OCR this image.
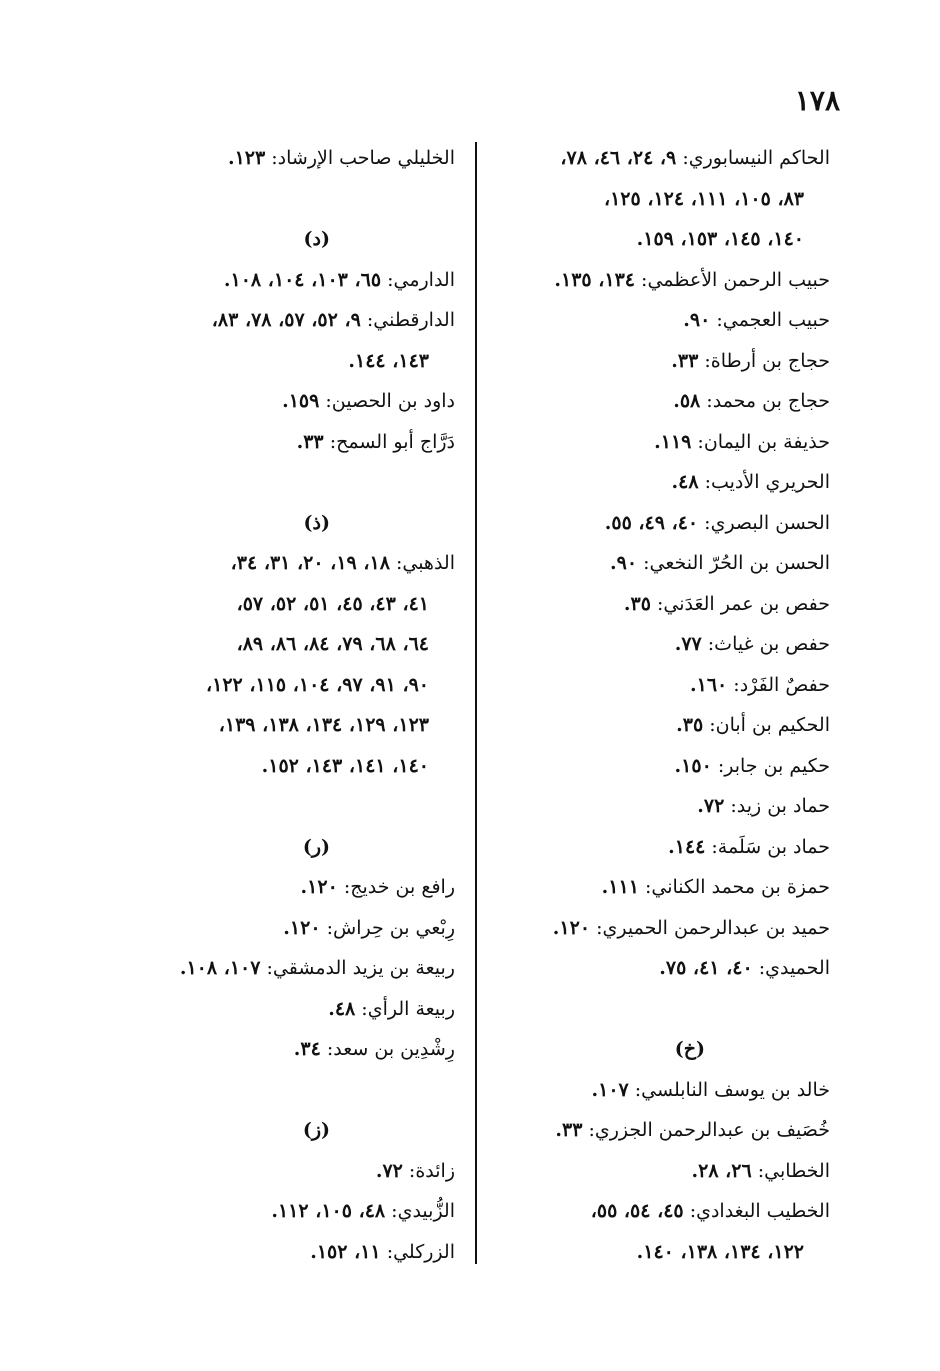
١٧٨
الحاكم النيسابوري: ٩، ٢٤، ٤٦، ٧٨،
٨٣، ١٠٥، ١١١، ١٢٤، ١٢٥،
١٤٠، ١٤٥، ١٥٣، ١٥٩.
حبيب الرحمن الأعظمي: ١٣٤، ١٣٥.
حبيب العجمي: ٩٠.
حجاج بن أرطاة: ٣٣.
حجاج بن محمد: ٥٨.
حذيفة بن اليمان: ١١٩.
الحريري الأديب: ٤٨.
الحسن البصري: ٤٠، ٤٩، ٥٥.
الحسن بن الحُرّ النخعي: ٩٠.
حفص بن عمر العَدَني: ٣٥.
حفص بن غياث: ٧٧.
حفصٌ الفَرْد: ١٦٠.
الحكيم بن أبان: ٣٥.
حكيم بن جابر: ١٥٠.
حماد بن زيد: ٧٢.
حماد بن سَلَمة: ١٤٤.
حمزة بن محمد الكناني: ١١١.
حميد بن عبدالرحمن الحميري: ١٢٠.
الحميدي: ٤٠، ٤١، ٧٥.
(خ)
خالد بن يوسف النابلسي: ١٠٧.
خُصَيف بن عبدالرحمن الجزري: ٣٣.
الخطابي: ٢٦، ٢٨.
الخطيب البغدادي: ٤٥، ٥٤، ٥٥،
١٢٢، ١٣٤، ١٣٨، ١٤٠.
الخليلي صاحب الإرشاد: ١٢٣.
(د)
الدارمي: ٦٥، ١٠٣، ١٠٤، ١٠٨.
الدارقطني: ٩، ٥٢، ٥٧، ٧٨، ٨٣،
١٤٣، ١٤٤.
داود بن الحصين: ١٥٩.
دَرَّاج أبو السمح: ٣٣.
(ذ)
الذهبي: ١٨، ١٩، ٢٠، ٣١، ٣٤،
٤١، ٤٣، ٤٥، ٥١، ٥٢، ٥٧،
٦٤، ٦٨، ٧٩، ٨٤، ٨٦، ٨٩،
٩٠، ٩١، ٩٧، ١٠٤، ١١٥، ١٢٢،
١٢٣، ١٢٩، ١٣٤، ١٣٨، ١٣٩،
١٤٠، ١٤١، ١٤٣، ١٥٢.
(ر)
رافع بن خديج: ١٢٠.
رِبْعي بن حِراش: ١٢٠.
ربيعة بن يزيد الدمشقي: ١٠٧، ١٠٨.
ربيعة الرأي: ٤٨.
رِشْدِين بن سعد: ٣٤.
(ز)
زائدة: ٧٢.
الزُّبيدي: ٤٨، ١٠٥، ١١٢.
الزركلي: ١١، ١٥٢.
